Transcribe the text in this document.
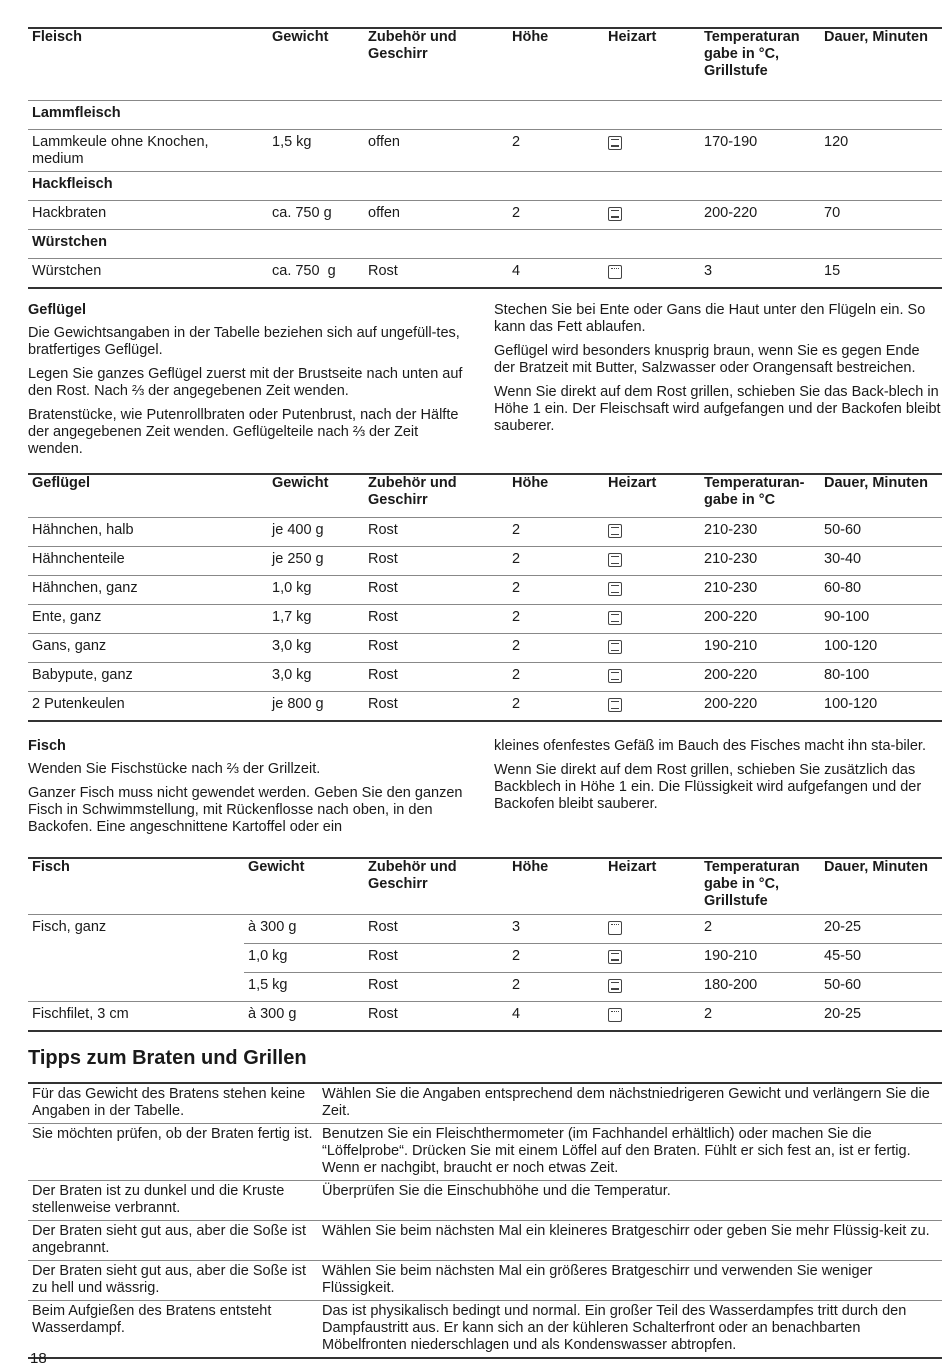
Fleisch	Gewicht	Zubehör und Geschirr	Höhe	Heizart	Temperaturan gabe in °C, Grillstufe	Dauer, Minuten
Lammfleisch						
Lammkeule ohne Knochen, medium	1,5 kg	offen	2		170-190	120
Hackfleisch						
Hackbraten	ca. 750 g	offen	2		200-220	70
Würstchen						
Würstchen	ca. 750  g	Rost	4		3	15
Geflügel

Die Gewichtsangaben in der Tabelle beziehen sich auf ungefüll-tes, bratfertiges Geflügel.

Legen Sie ganzes Geflügel zuerst mit der Brustseite nach unten auf den Rost. Nach ⅔ der angegebenen Zeit wenden.

Bratenstücke, wie Putenrollbraten oder Putenbrust, nach der Hälfte der angegebenen Zeit wenden. Geflügelteile nach ⅔ der Zeit wenden.

Stechen Sie bei Ente oder Gans die Haut unter den Flügeln ein. So kann das Fett ablaufen.

Geflügel wird besonders knusprig braun, wenn Sie es gegen Ende der Bratzeit mit Butter, Salzwasser oder Orangensaft bestreichen.

Wenn Sie direkt auf dem Rost grillen, schieben Sie das Back-blech in Höhe 1 ein. Der Fleischsaft wird aufgefangen und der Backofen bleibt sauberer.

Geflügel	Gewicht	Zubehör und Geschirr	Höhe	Heizart	Temperaturan-gabe in °C	Dauer, Minuten
Hähnchen, halb	je 400 g	Rost	2		210-230	50-60
Hähnchenteile	je 250 g	Rost	2		210-230	30-40
Hähnchen, ganz	1,0 kg	Rost	2		210-230	60-80
Ente, ganz	1,7 kg	Rost	2		200-220	90-100
Gans, ganz	3,0 kg	Rost	2		190-210	100-120
Babypute, ganz	3,0 kg	Rost	2		200-220	80-100
2 Putenkeulen	je 800 g	Rost	2		200-220	100-120
Fisch

Wenden Sie Fischstücke nach ⅔ der Grillzeit.

Ganzer Fisch muss nicht gewendet werden. Geben Sie den ganzen Fisch in Schwimmstellung, mit Rückenflosse nach oben, in den Backofen. Eine angeschnittene Kartoffel oder ein

kleines ofenfestes Gefäß im Bauch des Fisches macht ihn sta-biler.

Wenn Sie direkt auf dem Rost grillen, schieben Sie zusätzlich das Backblech in Höhe 1 ein. Die Flüssigkeit wird aufgefangen und der Backofen bleibt sauberer.

Fisch	Gewicht	Zubehör und Geschirr	Höhe	Heizart	Temperaturan gabe in °C, Grillstufe	Dauer, Minuten
Fisch, ganz	à 300 g	Rost	3		2	20-25
	1,0 kg	Rost	2		190-210	45-50
	1,5 kg	Rost	2		180-200	50-60
Fischfilet, 3 cm	à 300 g	Rost	4		2	20-25
Tipps zum Braten und Grillen
Für das Gewicht des Bratens stehen keine Angaben in der Tabelle.	Wählen Sie die Angaben entsprechend dem nächstniedrigeren Gewicht und verlängern Sie die Zeit.
Sie möchten prüfen, ob der Braten fertig ist.	Benutzen Sie ein Fleischthermometer (im Fachhandel erhältlich) oder machen Sie die “Löffelprobe“. Drücken Sie mit einem Löffel auf den Braten. Fühlt er sich fest an, ist er fertig. Wenn er nachgibt, braucht er noch etwas Zeit.
Der Braten ist zu dunkel und die Kruste stellenweise verbrannt.	Überprüfen Sie die Einschubhöhe und die Temperatur.
Der Braten sieht gut aus, aber die Soße ist angebrannt.	Wählen Sie beim nächsten Mal ein kleineres Bratgeschirr oder geben Sie mehr Flüssig-keit zu.
Der Braten sieht gut aus, aber die Soße ist zu hell und wässrig.	Wählen Sie beim nächsten Mal ein größeres Bratgeschirr und verwenden Sie weniger Flüssigkeit.
Beim Aufgießen des Bratens entsteht Wasserdampf.	Das ist physikalisch bedingt und normal. Ein großer Teil des Wasserdampfes tritt durch den Dampfaustritt aus. Er kann sich an der kühleren Schalterfront oder an benachbarten Möbelfronten niederschlagen und als Kondenswasser abtropfen.
18
